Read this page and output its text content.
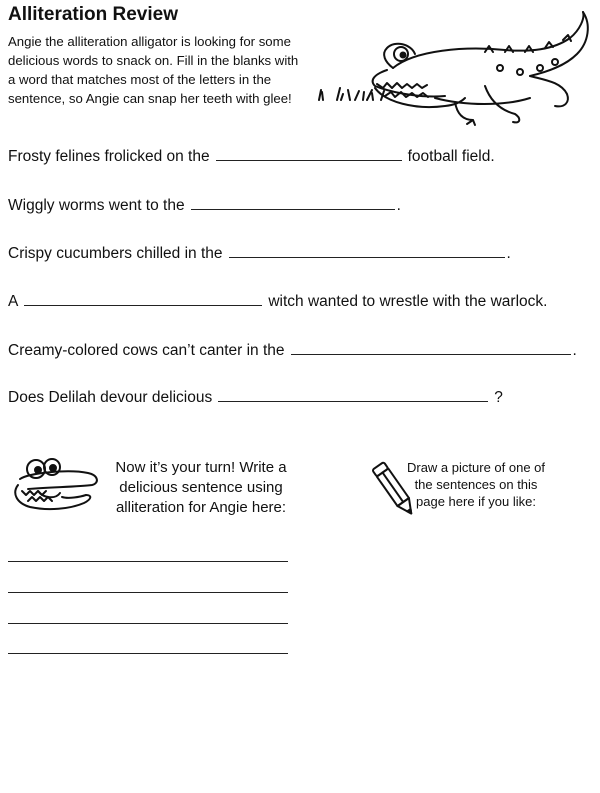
Alliteration Review
Angie the alliteration alligator is looking for some
delicious words to snack on. Fill in the blanks with
a word that matches most of the letters in the
sentence, so Angie can snap her teeth with glee!
Frosty felines frolicked on the	football field.
Wiggly worms went to the	.
Crispy cucumbers chilled in the	.
A	witch wanted to wrestle with the warlock.
Creamy-colored cows can’t canter in the	.
Does Delilah devour delicious	?
Now it’s your turn! Write a
delicious sentence using
alliteration for Angie here:
Draw a picture of one of
the sentences on this
page here if you like:
